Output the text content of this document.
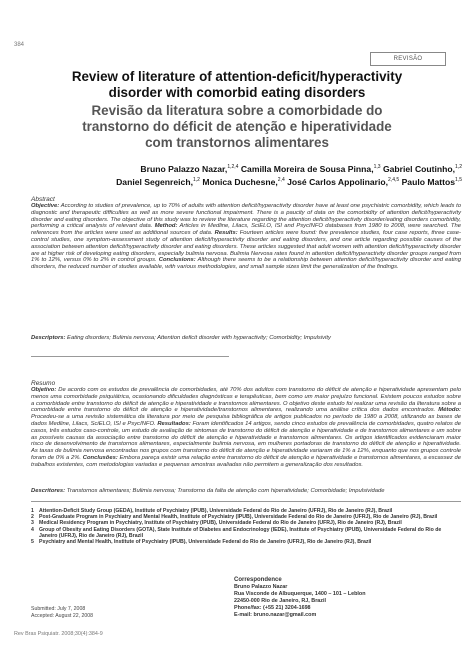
384
REVISÃO
Review of literature of attention-deficit/hyperactivity
disorder with comorbid eating disorders
Revisão da literatura sobre a comorbidade do
transtorno do déficit de atenção e hiperatividade
com transtornos alimentares
Bruno Palazzo Nazar,$^{1,2,4}$ Camilla Moreira de Sousa Pinna,$^{1,3}$ Gabriel Coutinho,$^{1,2}$
Daniel Segenreich,$^{1,2}$ Monica Duchesne,$^{2,4}$ José Carlos Appolinario,$^{2,4,5}$ Paulo Mattos$^{1,5}$
Abstract
Objective: According to studies of prevalence, up to 70% of adults with attention deficit/hyperactivity disorder have at least one psychiatric comorbidity, which leads to diagnostic and therapeutic difficulties as well as more severe functional impairment. There is a paucity of data on the comorbidity of attention deficit/hyperactivity disorder and eating disorders. The objective of this study was to review the literature regarding the attention deficit/hyperactivity disorder/eating disorders comorbidity, performing a critical analysis of relevant data. Method: Articles in Medline, Lilacs, SciELO, ISI and PsycINFO databases from 1980 to 2008, were searched. The references from the articles were used as additional sources of data. Results: Fourteen articles were found: five prevalence studies, four case reports, three case-control studies, one symptom-assessment study of attention deficit/hyperactivity disorder and eating disorders, and one article regarding possible causes of the association between attention deficit/hyperactivity disorder and eating disorders. These articles suggested that adult women with attention deficit/hyperactivity disorder are at higher risk of developing eating disorders, especially bulimia nervosa. Bulimia Nervosa rates found in attention deficit/hyperactivity disorder groups ranged from 1% to 12%, versus 0% to 2% in control groups. Conclusions: Although there seems to be a relationship between attention deficit/hyperactivity disorder and eating disorders, the reduced number of studies available, with various methodologies, and small sample sizes limit the generalization of the findings.
Descriptors: Eating disorders; Bulimia nervosa; Attention deficit disorder with hyperactivity; Comorbidity; Impulsivity
Resumo
Objetivo: De acordo com os estudos de prevalência de comorbidades, até 70% dos adultos com transtorno do déficit de atenção e hiperatividade apresentam pelo menos uma comorbidade psiquiátrica, ocasionando dificuldades diagnósticas e terapêuticas, bem como um maior prejuízo funcional. Existem poucos estudos sobre a comorbidade entre transtorno do déficit de atenção e hiperatividade e transtornos alimentares. O objetivo deste estudo foi realizar uma revisão da literatura sobre a comorbidade entre transtorno do déficit de atenção e hiperatividade/transtornos alimentares, realizando uma análise crítica dos dados encontrados. Método: Procedeu-se a uma revisão sistemática da literatura por meio de pesquisa bibliográfica de artigos publicados no período de 1980 a 2008, utilizando as bases de dados Medline, Lilacs, SciELO, ISI e PsycINFO. Resultados: Foram identificados 14 artigos, sendo cinco estudos de prevalência de comorbidades, quatro relatos de casos, três estudos caso-controle, um estudo de avaliação de sintomas de transtorno do déficit de atenção e hiperatividade e de transtornos alimentares e um sobre as possíveis causas da associação entre transtorno do déficit de atenção e hiperatividade e transtornos alimentares. Os artigos identificados evidenciaram maior risco de desenvolvimento de transtornos alimentares, especialmente bulimia nervosa, em mulheres portadoras de transtorno do déficit de atenção e hiperatividade. As taxas de bulimia nervosa encontradas nos grupos com transtorno do déficit de atenção e hiperatividade variaram de 1% a 12%, enquanto que nos grupos controle foram de 0% a 2%. Conclusões: Embora pareça existir uma relação entre transtorno do déficit de atenção e hiperatividade e transtornos alimentares, a escassez de trabalhos existentes, com metodologias variadas e pequenas amostras avaliadas não permitem a generalização dos resultados.
Descritores: Transtornos alimentares; Bulimia nervosa; Transtorno da falta de atenção com hiperatividade; Comorbidade; Impulsividade
1 Attention-Deficit Study Group (GEDA), Institute of Psychiatry (IPUB), Universidade Federal do Rio de Janeiro (UFRJ), Rio de Janeiro (RJ), Brazil
2 Post-Graduate Program in Psychiatry and Mental Health, Institute of Psychiatry (IPUB), Universidade Federal do Rio de Janeiro (UFRJ), Rio de Janeiro (RJ), Brazil
3 Medical Residency Program in Psychiatry, Institute of Psychiatry (IPUB), Universidade Federal do Rio de Janeiro (UFRJ), Rio de Janeiro (RJ), Brazil
4 Group of Obesity and Eating Disorders (GOTA), State Institute of Diabetes and Endocrinology (IEDE), Institute of Psychiatry (IPUB), Universidade Federal do Rio de Janeiro (UFRJ), Rio de Janeiro (RJ), Brazil
5 Psychiatry and Mental Health, Institute of Psychiatry (IPUB), Universidade Federal do Rio de Janeiro (UFRJ), Rio de Janeiro (RJ), Brazil
Correspondence
Bruno Palazzo Nazar
Rua Visconde de Albuquerque, 1400 – 101 – Leblon
22450-000 Rio de Janeiro, RJ, Brazil
Phone/fax: (+55 21) 3204-1698
E-mail: bruno.nazar@gmail.com
Submitted: July 7, 2008
Accepted: August 22, 2008
Rev Bras Psiquiatr. 2008;30(4):384-9
